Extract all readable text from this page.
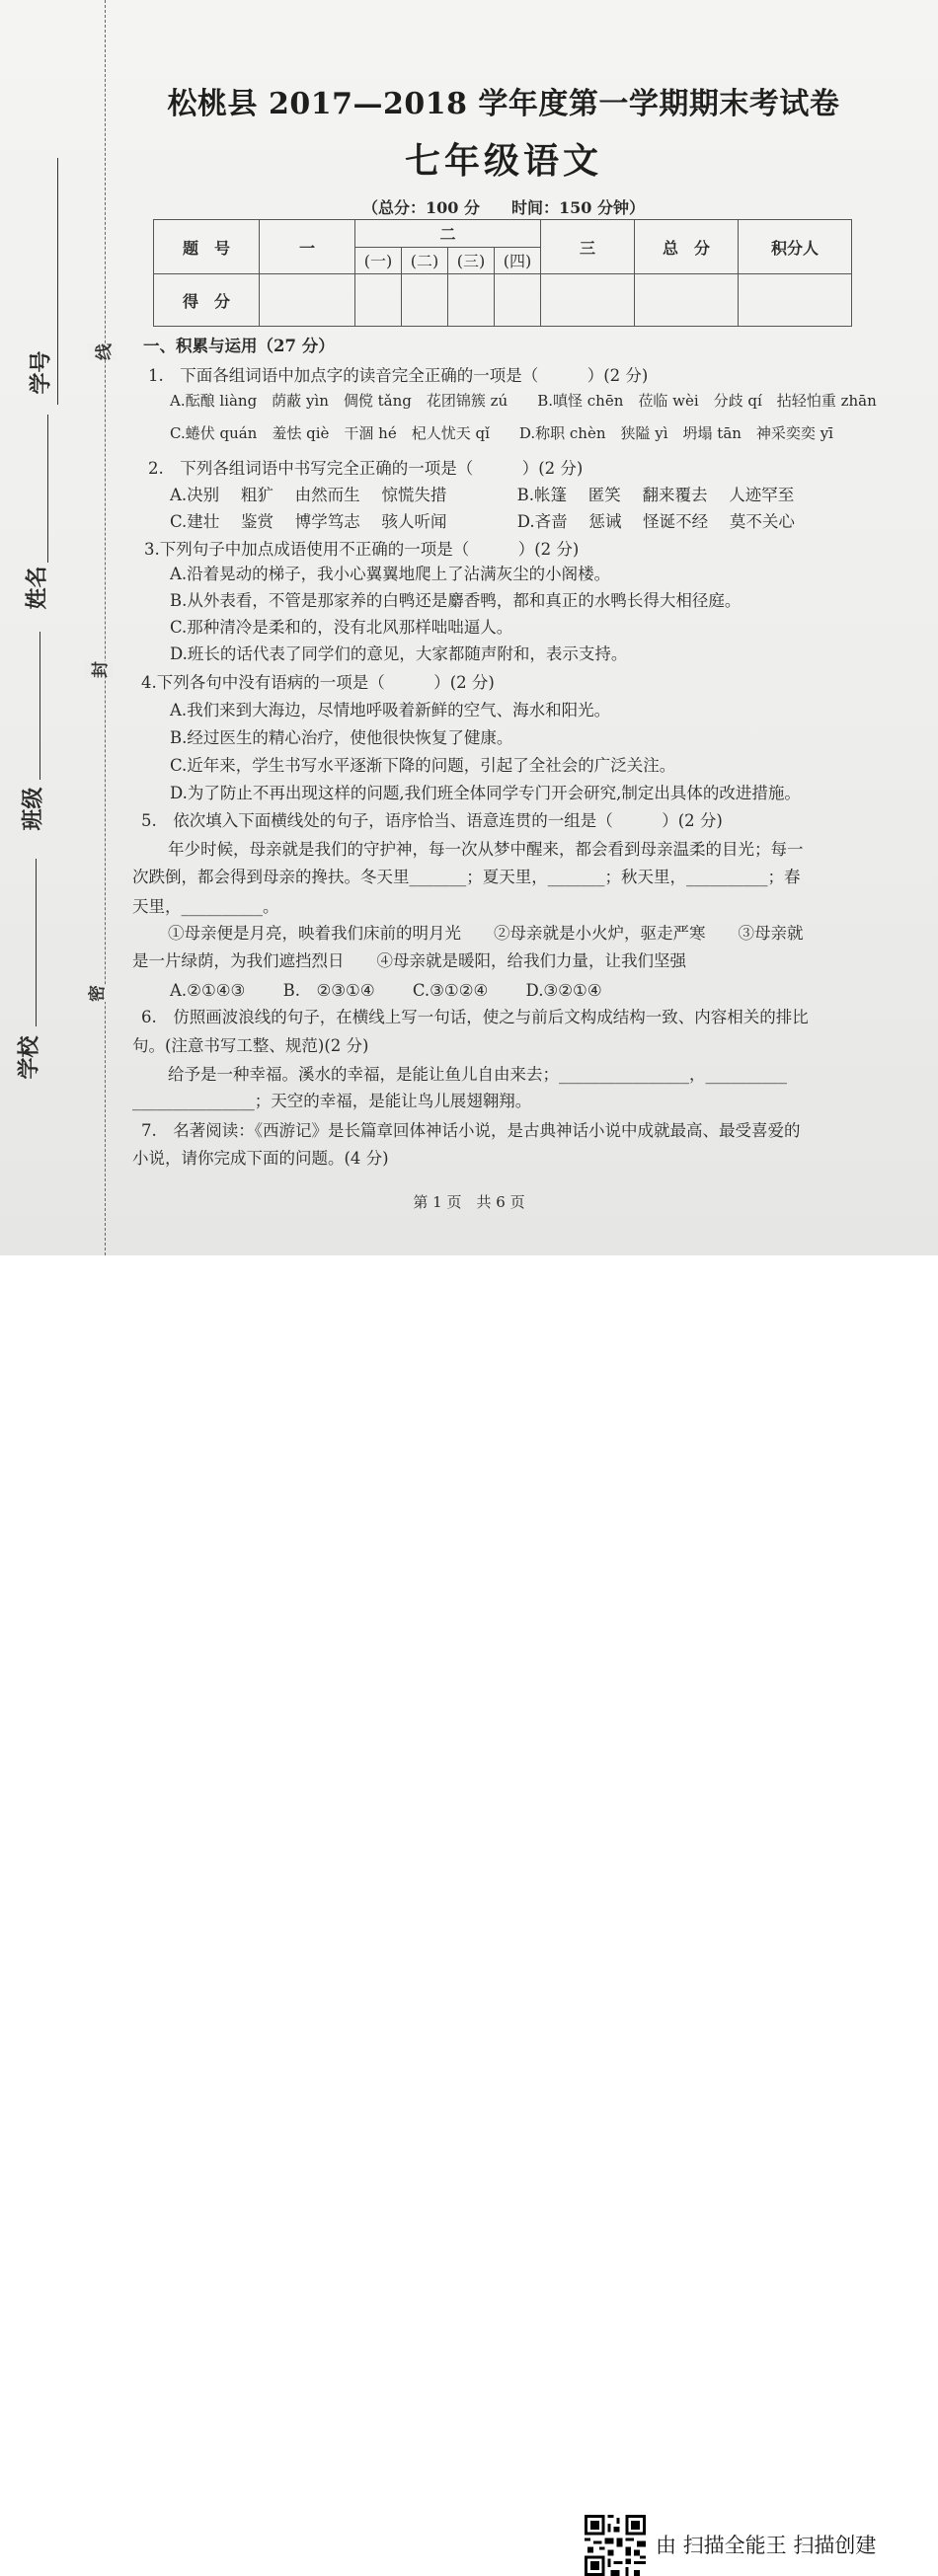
学号
姓名
班级
学校
线
封
密
松桃县 2017—2018 学年度第一学期期末考试卷
七年级语文
（总分：100 分　　时间：150 分钟）
题　号	一	二				三	总　分	积分人
		(一)	(二)	(三)	(四)			
得　分								
一、积累与运用（27 分）
1.　下面各组词语中加点字的读音完全正确的一项是（　　　）(2 分)
A.酝酿 liàng　荫蔽 yìn　倜傥 tǎng　花团锦簇 zú　　B.嗔怪 chēn　莅临 wèi　分歧 qí　拈轻怕重 zhān
C.蜷伏 quán　羞怯 qiè　干涸 hé　杞人忧天 qǐ　　D.称职 chèn　狭隘 yì　坍塌 tān　神采奕奕 yī
2.　下列各组词语中书写完全正确的一项是（　　　）(2 分)
A.决别　 粗犷　 由然而生　 惊慌失措　　　　 B.帐篷　 匿笑　 翻来覆去　 人迹罕至
C.建壮　 鉴赏　 博学笃志　 骇人听闻　　　　 D.吝啬　 惩诫　 怪诞不经　 莫不关心
3.下列句子中加点成语使用不正确的一项是（　　　）(2 分)
A.沿着晃动的梯子，我小心翼翼地爬上了沾满灰尘的小阁楼。
B.从外表看，不管是那家养的白鸭还是麝香鸭，都和真正的水鸭长得大相径庭。
C.那种清冷是柔和的，没有北风那样咄咄逼人。
D.班长的话代表了同学们的意见，大家都随声附和，表示支持。
4.下列各句中没有语病的一项是（　　　）(2 分)
A.我们来到大海边，尽情地呼吸着新鲜的空气、海水和阳光。
B.经过医生的精心治疗，使他很快恢复了健康。
C.近年来，学生书写水平逐渐下降的问题，引起了全社会的广泛关注。
D.为了防止不再出现这样的问题,我们班全体同学专门开会研究,制定出具体的改进措施。
5.　依次填入下面横线处的句子，语序恰当、语意连贯的一组是（　　　）(2 分)
年少时候，母亲就是我们的守护神，每一次从梦中醒来，都会看到母亲温柔的目光；每一
次跌倒，都会得到母亲的搀扶。冬天里_______；夏天里，_______；秋天里，__________；春
天里，__________。
①母亲便是月亮，映着我们床前的明月光　　②母亲就是小火炉，驱走严寒　　③母亲就
是一片绿荫，为我们遮挡烈日　　④母亲就是暖阳，给我们力量，让我们坚强
A.②①④③　　 B.　②③①④　　 C.③①②④　　 D.③②①④
6.　仿照画波浪线的句子，在横线上写一句话，使之与前后文构成结构一致、内容相关的排比
句。(注意书写工整、规范)(2 分)
给予是一种幸福。溪水的幸福，是能让鱼儿自由来去；________________，__________
_______________；天空的幸福，是能让鸟儿展翅翱翔。
7.　名著阅读：《西游记》是长篇章回体神话小说，是古典神话小说中成就最高、最受喜爱的
小说，请你完成下面的问题。(4 分)
第 1 页　共 6 页
由 扫描全能王 扫描创建
